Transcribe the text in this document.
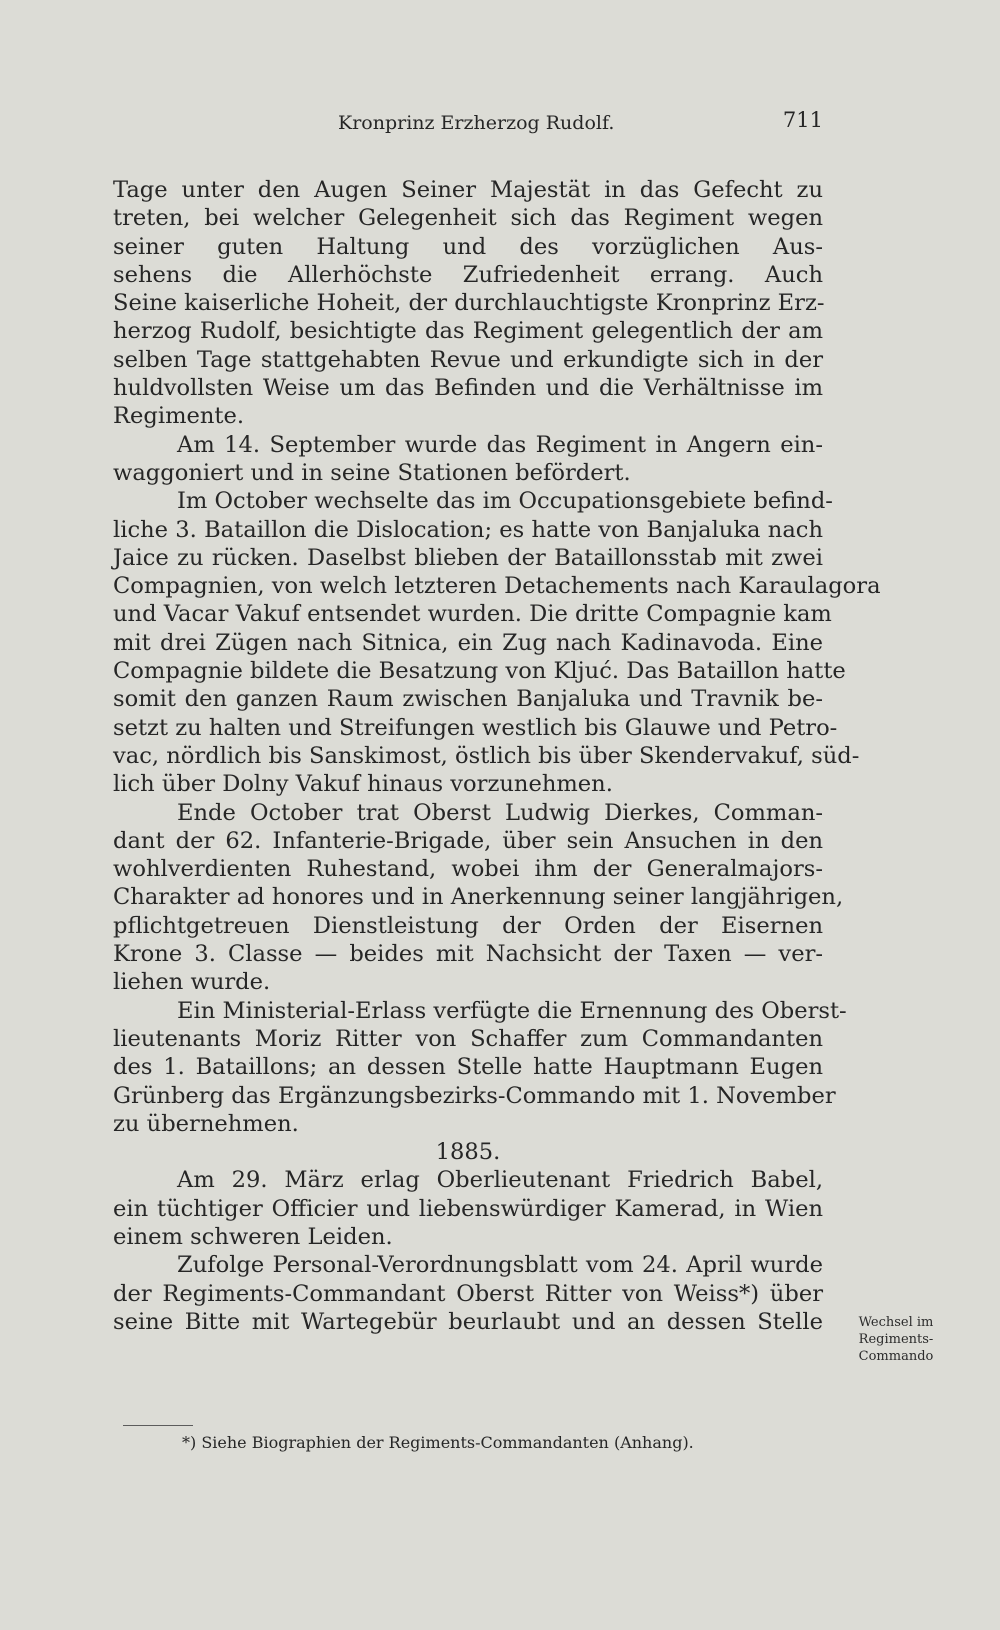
Kronprinz Erzherzog Rudolf.	711
Tage unter den Augen Seiner Majestät in das Gefecht zu
treten, bei welcher Gelegenheit sich das Regiment wegen
seiner guten Haltung und des vorzüglichen Aus-
sehens die Allerhöchste Zufriedenheit errang. Auch
Seine kaiserliche Hoheit, der durchlauchtigste Kronprinz Erz-
herzog Rudolf, besichtigte das Regiment gelegentlich der am
selben Tage stattgehabten Revue und erkundigte sich in der
huldvollsten Weise um das Befinden und die Verhältnisse im
Regimente.
Am 14. September wurde das Regiment in Angern ein-
waggoniert und in seine Stationen befördert.
Im October wechselte das im Occupationsgebiete befind-
liche 3. Bataillon die Dislocation; es hatte von Banjaluka nach
Jaice zu rücken. Daselbst blieben der Bataillonsstab mit zwei
Compagnien, von welch letzteren Detachements nach Karaulagora
und Vacar Vakuf entsendet wurden. Die dritte Compagnie kam
mit drei Zügen nach Sitnica, ein Zug nach Kadinavoda. Eine
Compagnie bildete die Besatzung von Kljuć. Das Bataillon hatte
somit den ganzen Raum zwischen Banjaluka und Travnik be-
setzt zu halten und Streifungen westlich bis Glauwe und Petro-
vac, nördlich bis Sanskimost, östlich bis über Skendervakuf, süd-
lich über Dolny Vakuf hinaus vorzunehmen.
Ende October trat Oberst Ludwig Dierkes, Comman-
dant der 62. Infanterie-Brigade, über sein Ansuchen in den
wohlverdienten Ruhestand, wobei ihm der Generalmajors-
Charakter ad honores und in Anerkennung seiner langjährigen,
pflichtgetreuen Dienstleistung der Orden der Eisernen
Krone 3. Classe — beides mit Nachsicht der Taxen — ver-
liehen wurde.
Ein Ministerial-Erlass verfügte die Ernennung des Oberst-
lieutenants Moriz Ritter von Schaffer zum Commandanten
des 1. Bataillons; an dessen Stelle hatte Hauptmann Eugen
Grünberg das Ergänzungsbezirks-Commando mit 1. November
zu übernehmen.
1885.
Am 29. März erlag Oberlieutenant Friedrich Babel,
ein tüchtiger Officier und liebenswürdiger Kamerad, in Wien
einem schweren Leiden.
Zufolge Personal-Verordnungsblatt vom 24. April wurde
der Regiments-Commandant Oberst Ritter von Weiss*) über
seine Bitte mit Wartegebür beurlaubt und an dessen Stelle	Wechsel im
Regiments-
Commando
*) Siehe Biographien der Regiments-Commandanten (Anhang).
